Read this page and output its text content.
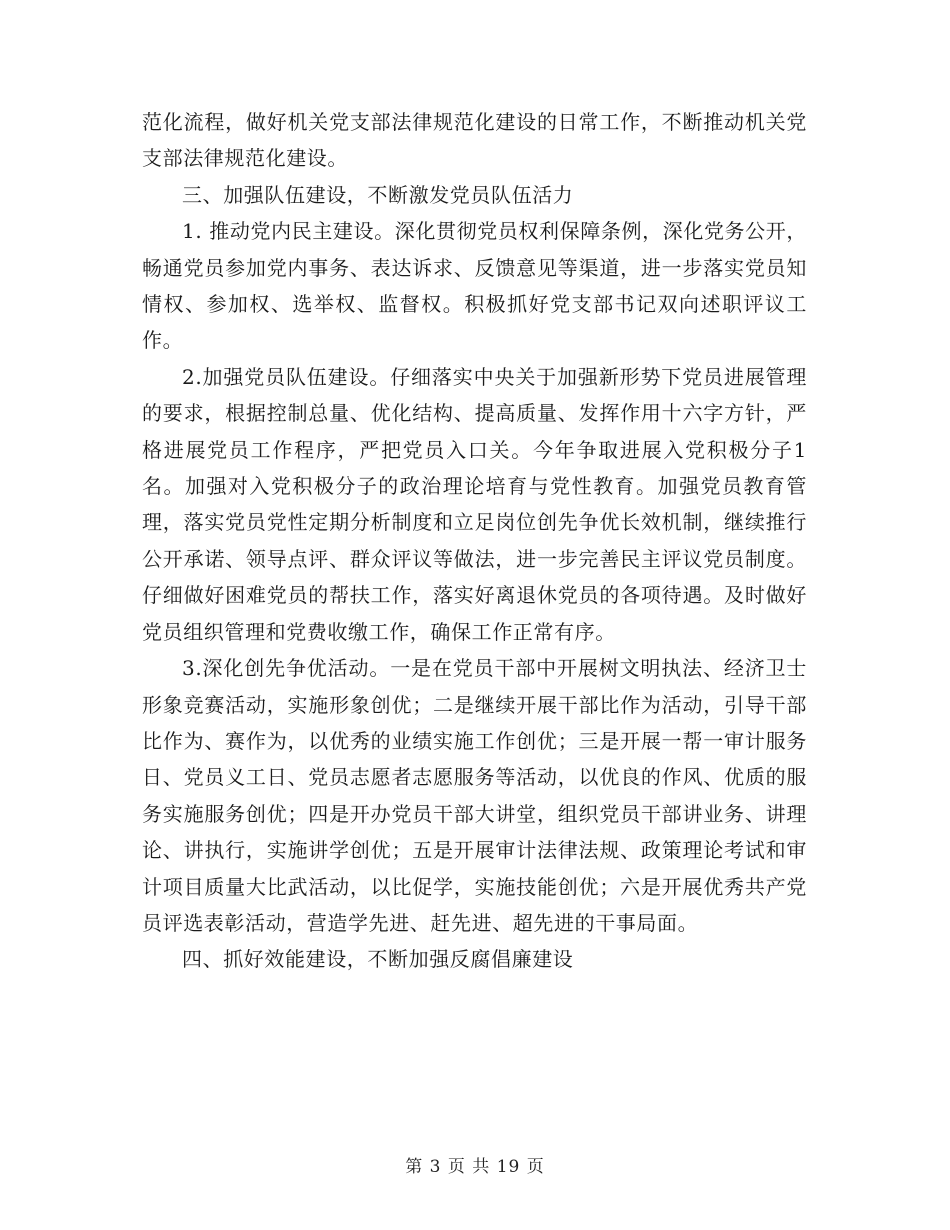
范化流程，做好机关党支部法律规范化建设的日常工作，不断推动机关党支部法律规范化建设。

三、加强队伍建设，不断激发党员队伍活力

1. 推动党内民主建设。深化贯彻党员权利保障条例，深化党务公开，畅通党员参加党内事务、表达诉求、反馈意见等渠道，进一步落实党员知情权、参加权、选举权、监督权。积极抓好党支部书记双向述职评议工作。

2.加强党员队伍建设。仔细落实中央关于加强新形势下党员进展管理的要求，根据控制总量、优化结构、提高质量、发挥作用十六字方针，严格进展党员工作程序，严把党员入口关。今年争取进展入党积极分子1名。加强对入党积极分子的政治理论培育与党性教育。加强党员教育管理，落实党员党性定期分析制度和立足岗位创先争优长效机制，继续推行公开承诺、领导点评、群众评议等做法，进一步完善民主评议党员制度。仔细做好困难党员的帮扶工作，落实好离退休党员的各项待遇。及时做好党员组织管理和党费收缴工作，确保工作正常有序。

3.深化创先争优活动。一是在党员干部中开展树文明执法、经济卫士形象竞赛活动，实施形象创优；二是继续开展干部比作为活动，引导干部比作为、赛作为，以优秀的业绩实施工作创优；三是开展一帮一审计服务日、党员义工日、党员志愿者志愿服务等活动，以优良的作风、优质的服务实施服务创优；四是开办党员干部大讲堂，组织党员干部讲业务、讲理论、讲执行，实施讲学创优；五是开展审计法律法规、政策理论考试和审计项目质量大比武活动，以比促学，实施技能创优；六是开展优秀共产党员评选表彰活动，营造学先进、赶先进、超先进的干事局面。

四、抓好效能建设，不断加强反腐倡廉建设

第 3 页 共 19 页
